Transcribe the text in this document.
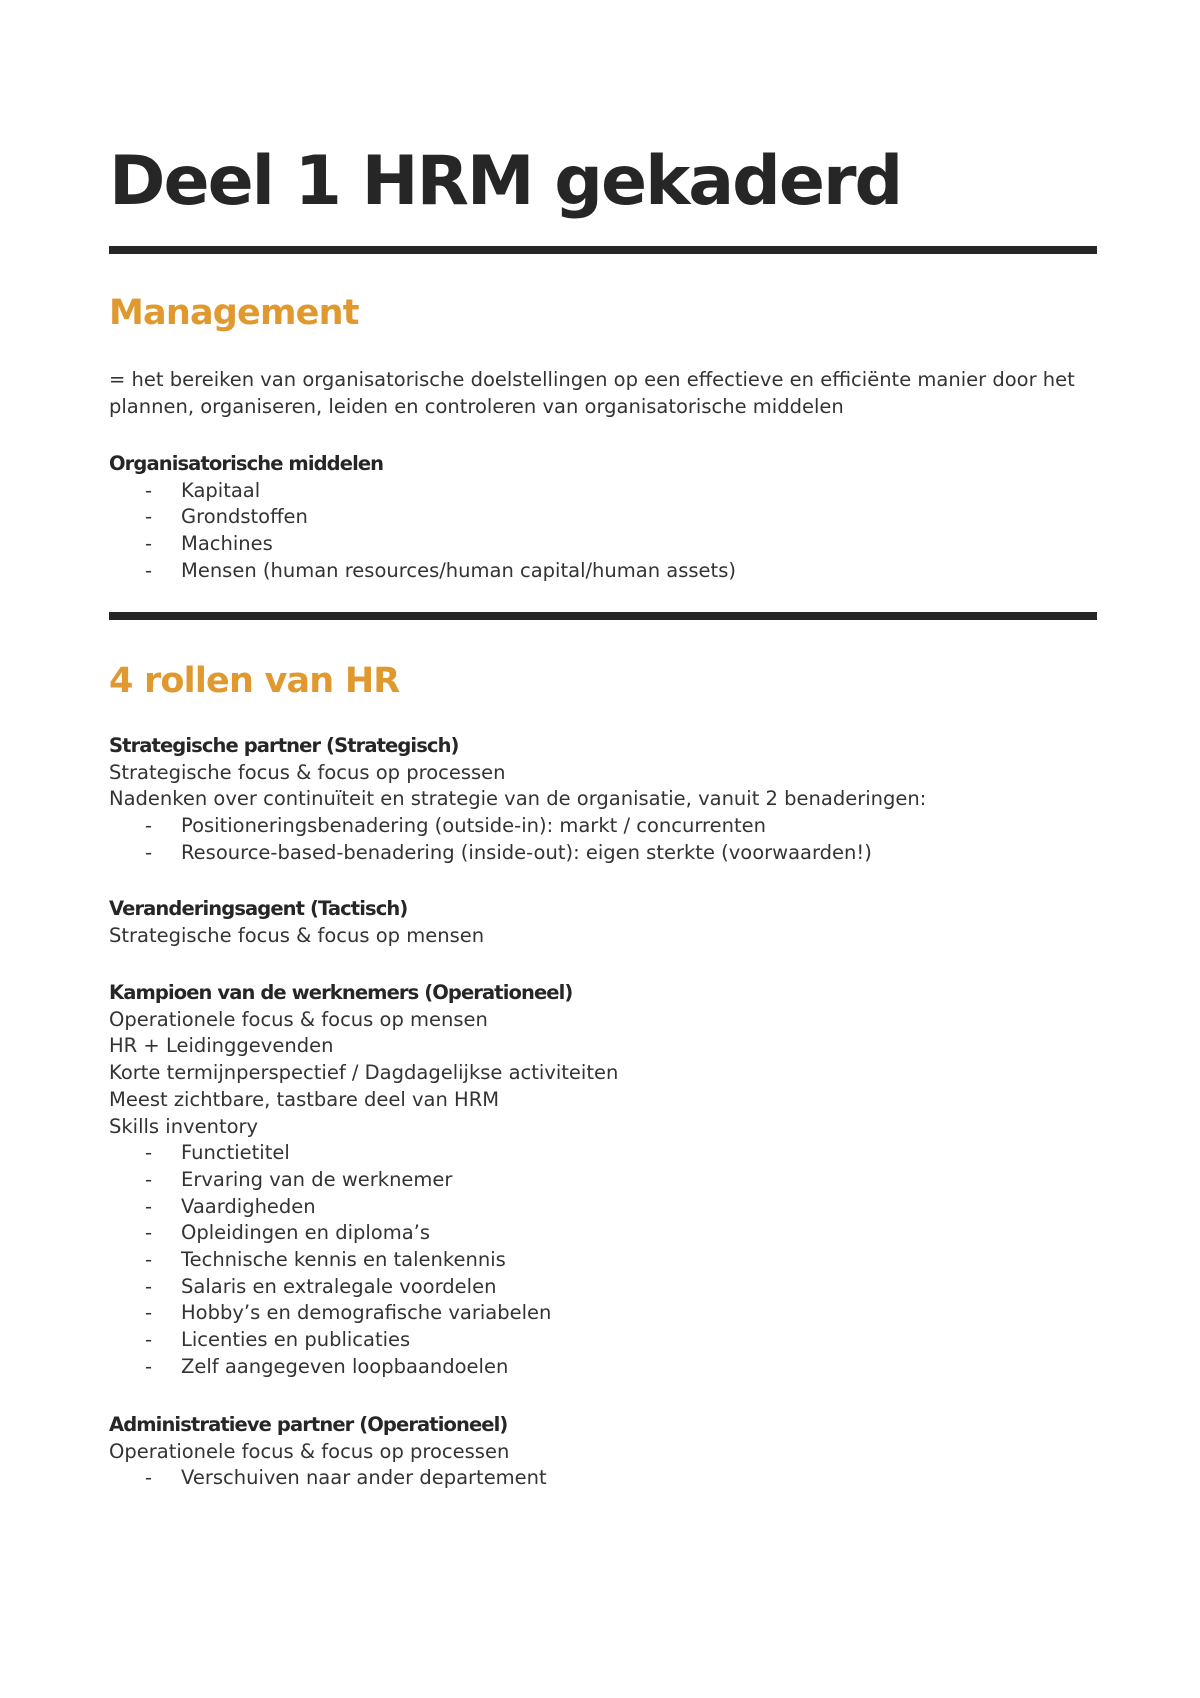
Deel 1 HRM gekaderd
Management

= het bereiken van organisatorische doelstellingen op een effectieve en efficiënte manier door het plannen, organiseren, leiden en controleren van organisatorische middelen

Organisatorische middelen

- Kapitaal
- Grondstoffen
- Machines
- Mensen (human resources/human capital/human assets)
4 rollen van HR

Strategische partner (Strategisch)

Strategische focus & focus op processen

Nadenken over continuïteit en strategie van de organisatie, vanuit 2 benaderingen:

- Positioneringsbenadering (outside-in): markt / concurrenten
- Resource-based-benadering (inside-out): eigen sterkte (voorwaarden!)

Veranderingsagent (Tactisch)

Strategische focus & focus op mensen

Kampioen van de werknemers (Operationeel)

Operationele focus & focus op mensen

HR + Leidinggevenden

Korte termijnperspectief / Dagdagelijkse activiteiten

Meest zichtbare, tastbare deel van HRM

Skills inventory

- Functietitel
- Ervaring van de werknemer
- Vaardigheden
- Opleidingen en diploma’s
- Technische kennis en talenkennis
- Salaris en extralegale voordelen
- Hobby’s en demografische variabelen
- Licenties en publicaties
- Zelf aangegeven loopbaandoelen

Administratieve partner (Operationeel)

Operationele focus & focus op processen

- Verschuiven naar ander departement
